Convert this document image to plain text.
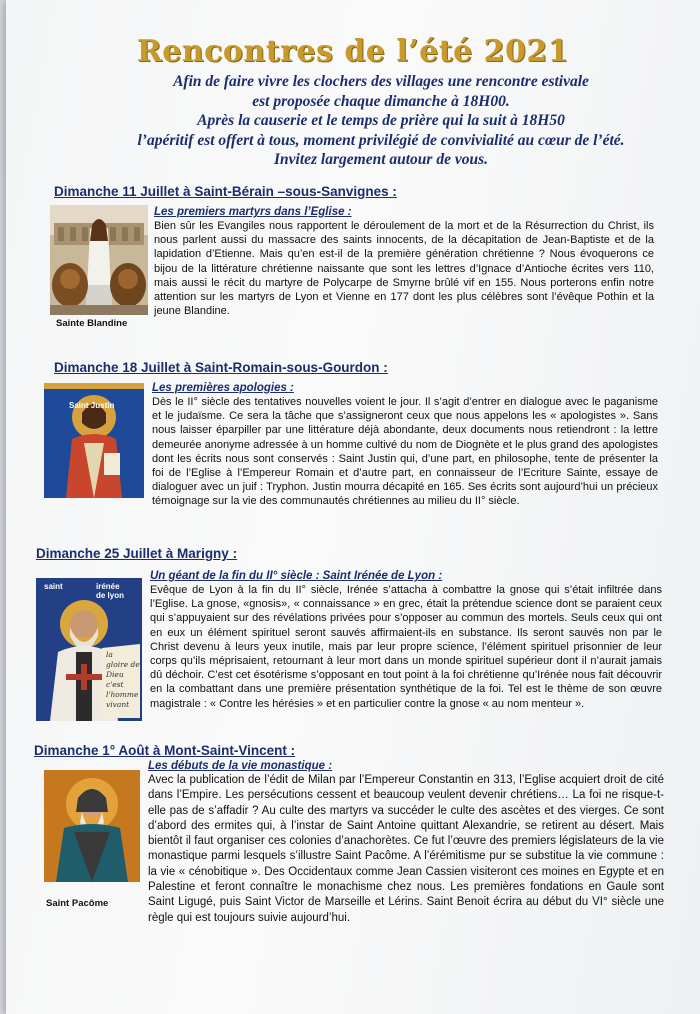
Rencontres de l’été 2021
Afin de faire vivre les clochers des villages une rencontre estivale
est proposée chaque dimanche à 18H00.
Après la causerie et le temps de prière qui la suit à 18H50
l’apéritif est offert à tous, moment privilégié de convivialité au cœur de l’été.
Invitez largement autour de vous.
Dimanche 11 Juillet à Saint-Bérain –sous-Sanvignes :
Sainte Blandine
Les premiers martyrs dans l’Eglise :

Bien sûr les Evangiles nous rapportent le déroulement de la mort et de la Résurrection du Christ, ils nous parlent aussi du massacre des saints innocents, de la décapitation de Jean-Baptiste et de la lapidation d’Etienne. Mais qu’en est-il de la première génération chrétienne ? Nous évoquerons ce bijou de la littérature chrétienne naissante que sont les lettres d’Ignace d’Antioche écrites vers 110, mais aussi le récit du martyre de Polycarpe de Smyrne brûlé vif en 155. Nous porterons enfin notre attention sur les martyrs de Lyon et Vienne en 177 dont les plus célèbres sont l’évêque Pothin et la jeune Blandine.

Dimanche 18 Juillet à Saint-Romain-sous-Gourdon :
Saint Justin
Les premières apologies :

Dès le II° siècle des tentatives nouvelles voient le jour. Il s’agit d’entrer en dialogue avec le paganisme et le judaïsme. Ce sera la tâche que s’assigneront ceux que nous appelons les « apologistes ». Sans nous laisser éparpiller par une littérature déjà abondante, deux documents nous retiendront : la lettre demeurée anonyme adressée à un homme cultivé du nom de Diognète et le plus grand des apologistes dont les écrits nous sont conservés : Saint Justin qui, d’une part, en philosophe, tente de présenter la foi de l’Eglise à l’Empereur Romain et d’autre part, en connaisseur de l’Ecriture Sainte, essaye de dialoguer avec un juif : Tryphon. Justin mourra décapité en 165. Ses écrits sont aujourd’hui un précieux témoignage sur la vie des communautés chrétiennes au milieu du II° siècle.

Dimanche 25 Juillet à Marigny :
saint	irénée
de lyon
la
gloire de
Dieu
c'est
l'homme
vivant
Un géant de la fin du II° siècle : Saint Irénée de Lyon :

Evêque de Lyon à la fin du II° siècle, Irénée s’attacha à combattre la gnose qui s’était infiltrée dans l’Eglise. La gnose, «gnosis», « connaissance » en grec, était la prétendue science dont se paraient ceux qui s’appuyaient sur des révélations privées pour s’opposer au commun des mortels. Seuls ceux qui ont en eux un élément spirituel seront sauvés affirmaient-ils en substance. Ils seront sauvés non par le Christ devenu à leurs yeux inutile, mais par leur propre science, l’élément spirituel prisonnier de leur corps qu’ils méprisaient, retournant à leur mort dans un monde spirituel supérieur dont il n’aurait jamais dû déchoir. C’est cet ésotérisme s’opposant en tout point à la foi chrétienne qu’Irénée nous fait découvrir en la combattant dans une première présentation synthétique de la foi. Tel est le thème de son œuvre magistrale : « Contre les hérésies » et en particulier contre la gnose « au nom menteur ».

Dimanche 1° Août à Mont-Saint-Vincent :
Saint Pacôme
Les débuts de la vie monastique :

Avec la publication de l’édit de Milan par l’Empereur Constantin en 313, l’Eglise acquiert droit de cité dans l’Empire. Les persécutions cessent et beaucoup veulent devenir chrétiens… La foi ne risque-t-elle pas de s’affadir ? Au culte des martyrs va succéder le culte des ascètes et des vierges. Ce sont d’abord des ermites qui, à l’instar de Saint Antoine quittant Alexandrie, se retirent au désert. Mais bientôt il faut organiser ces colonies d’anachorètes. Ce fut l’œuvre des premiers législateurs de la vie monastique parmi lesquels s’illustre Saint Pacôme. A l’érémitisme pur se substitue la vie commune : la vie « cénobitique ». Des Occidentaux comme Jean Cassien visiteront ces moines en Egypte et en Palestine et feront connaître le monachisme chez nous. Les premières fondations en Gaule sont Saint Ligugé, puis Saint Victor de Marseille et Lérins. Saint Benoit écrira au début du VI° siècle une règle qui est toujours suivie aujourd’hui.
